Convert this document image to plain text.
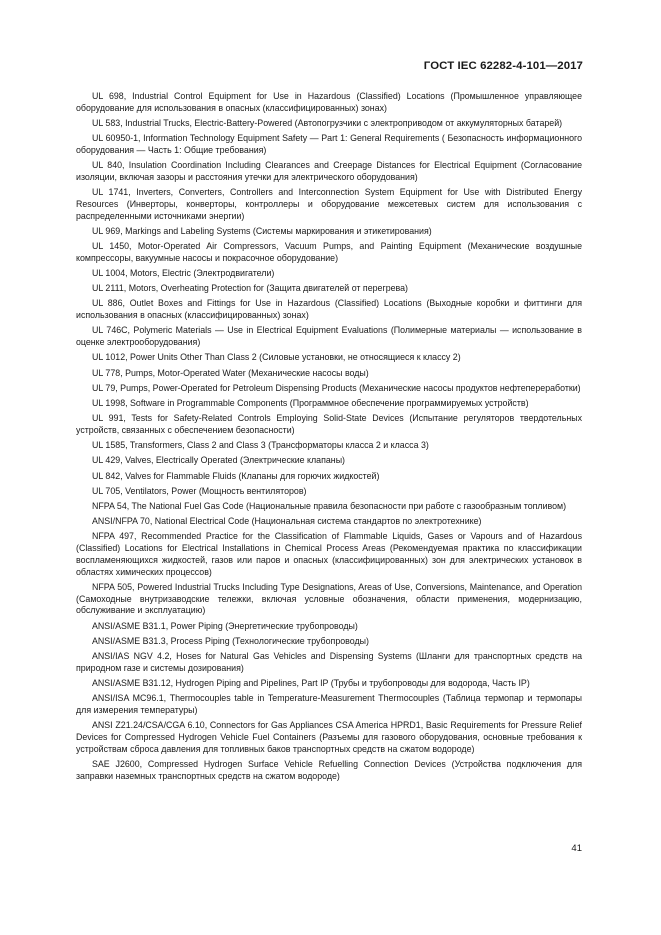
ГОСТ IEC 62282-4-101—2017

UL 698, Industrial Control Equipment for Use in Hazardous (Classified) Locations (Промышленное управляющее оборудование для использования в опасных (классифицированных) зонах)

UL 583, Industrial Trucks, Electric-Battery-Powered (Автопогрузчики с электроприводом от аккумуляторных батарей)

UL 60950-1, Information Technology Equipment Safety — Part 1: General Requirements ( Безопасность информационного оборудования — Часть 1: Общие требования)

UL 840, Insulation Coordination Including Clearances and Creepage Distances for Electrical Equipment (Согласование изоляции, включая зазоры и расстояния утечки для электрического оборудования)

UL 1741, Inverters, Converters, Controllers and Interconnection System Equipment for Use with Distributed Energy Resources (Инверторы, конверторы, контроллеры и оборудование межсетевых систем для использования с распределенными источниками энергии)

UL 969, Markings and Labeling Systems (Системы маркирования и этикетирования)

UL 1450, Motor-Operated Air Compressors, Vacuum Pumps, and Painting Equipment (Механические воздушные компрессоры, вакуумные насосы и покрасочное оборудование)

UL 1004, Motors, Electric (Электродвигатели)

UL 2111, Motors, Overheating Protection for (Защита двигателей от перегрева)

UL 886, Outlet Boxes and Fittings for Use in Hazardous (Classified) Locations (Выходные коробки и фиттинги для использования в опасных (классифицированных) зонах)

UL 746C, Polymeric Materials — Use in Electrical Equipment Evaluations (Полимерные материалы — использование в оценке электрооборудования)

UL 1012, Power Units Other Than Class 2 (Силовые установки, не относящиеся к классу 2)

UL 778, Pumps, Motor-Operated Water (Механические насосы воды)

UL 79, Pumps, Power-Operated for Petroleum Dispensing Products (Механические насосы продуктов нефтепереработки)

UL 1998, Software in Programmable Components (Программное обеспечение программируемых устройств)

UL 991, Tests for Safety-Related Controls Employing Solid-State Devices (Испытание регуляторов твердотельных устройств, связанных с обеспечением безопасности)

UL 1585, Transformers, Class 2 and Class 3 (Трансформаторы класса 2 и класса 3)

UL 429, Valves, Electrically Operated (Электрические клапаны)

UL 842, Valves for Flammable Fluids (Клапаны для горючих жидкостей)

UL 705, Ventilators, Power (Мощность вентиляторов)

NFPA 54, The National Fuel Gas Code (Национальные правила безопасности при работе с газообразным топливом)

ANSI/NFPA 70, National Electrical Code (Национальная система стандартов по электротехнике)

NFPA 497, Recommended Practice for the Classification of Flammable Liquids, Gases or Vapours and of Hazardous (Classified) Locations for Electrical Installations in Chemical Process Areas (Рекомендуемая практика по классификации воспламеняющихся жидкостей, газов или паров и опасных (классифицированных) зон для электрических установок в областях химических процессов)

NFPA 505, Powered Industrial Trucks Including Type Designations, Areas of Use, Conversions, Maintenance, and Operation (Самоходные внутризаводские тележки, включая условные обозначения, области применения, модернизацию, обслуживание и эксплуатацию)

ANSI/ASME B31.1, Power Piping (Энергетические трубопроводы)

ANSI/ASME B31.3, Process Piping (Технологические трубопроводы)

ANSI/IAS NGV 4.2, Hoses for Natural Gas Vehicles and Dispensing Systems (Шланги для транспортных средств на природном газе и системы дозирования)

ANSI/ASME B31.12, Hydrogen Piping and Pipelines, Part IP (Трубы и трубопроводы для водорода, Часть IP)

ANSI/ISA MC96.1, Thermocouples table in Temperature-Measurement Thermocouples (Таблица термопар и термопары для измерения температуры)

ANSI Z21.24/CSA/CGA 6.10, Connectors for Gas Appliances CSA America HPRD1, Basic Requirements for Pressure Relief Devices for Compressed Hydrogen Vehicle Fuel Containers (Разъемы для газового оборудования, основные требования к устройствам сброса давления для топливных баков транспортных средств на сжатом водороде)

SAE J2600, Compressed Hydrogen Surface Vehicle Refuelling Connection Devices (Устройства подключения для заправки наземных транспортных средств на сжатом водороде)

41
